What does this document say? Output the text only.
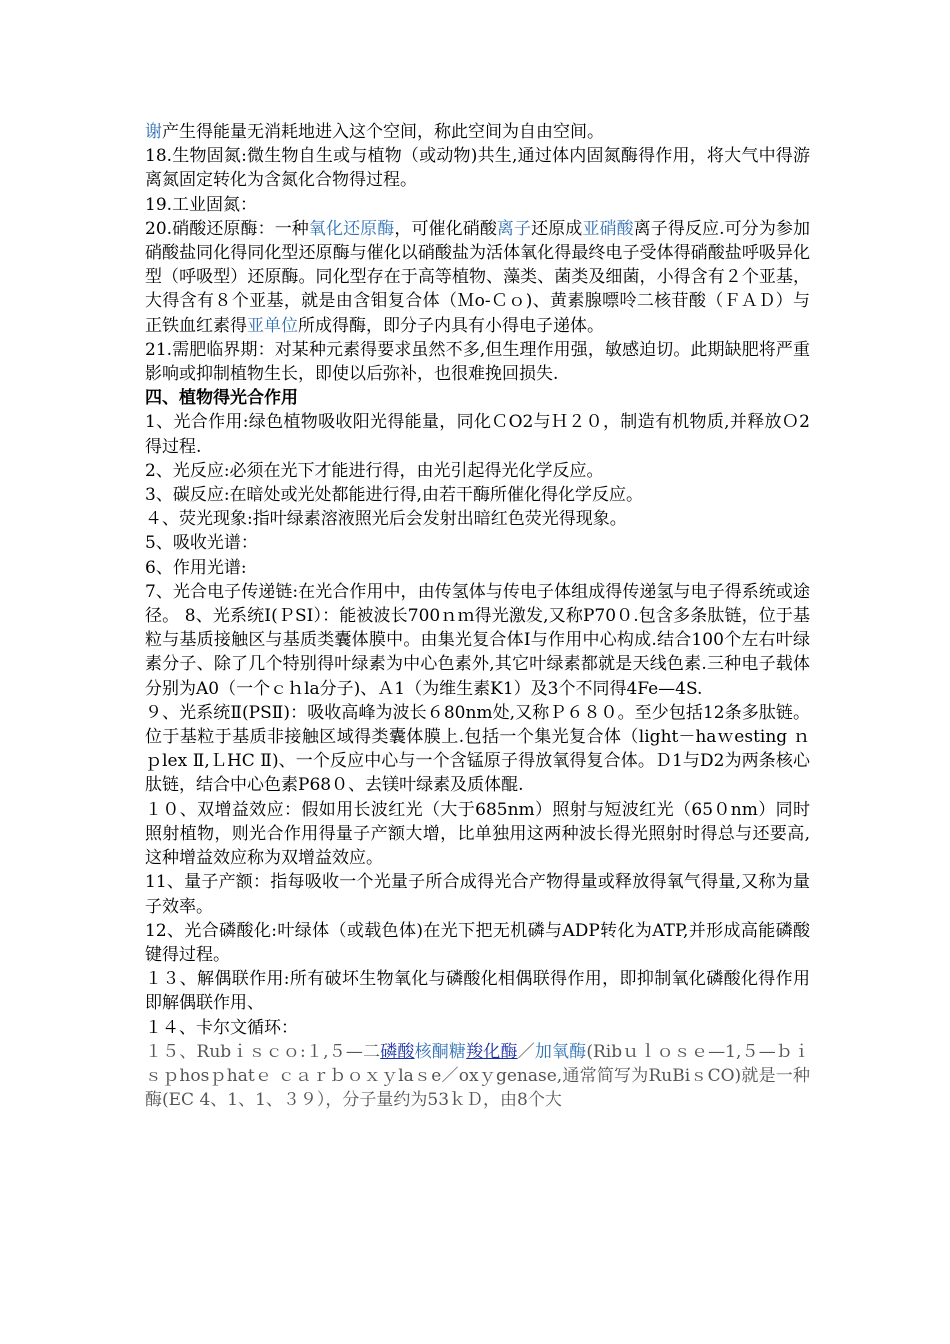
谢产生得能量无消耗地进入这个空间，称此空间为自由空间。
18.生物固氮:微生物自生或与植物（或动物)共生,通过体内固氮酶得作用，将大气中得游离氮固定转化为含氮化合物得过程。
19.工业固氮：
20.硝酸还原酶：一种氧化还原酶，可催化硝酸离子还原成亚硝酸离子得反应.可分为参加硝酸盐同化得同化型还原酶与催化以硝酸盐为活体氧化得最终电子受体得硝酸盐呼吸异化型（呼吸型）还原酶。同化型存在于高等植物、藻类、菌类及细菌，小得含有２个亚基，大得含有８个亚基，就是由含钼复合体（Ｍo-Ｃｏ)、黄素腺嘌呤二核苷酸（ＦＡＤ）与正铁血红素得亚单位所成得酶，即分子内具有小得电子递体。
21.需肥临界期：对某种元素得要求虽然不多,但生理作用强，敏感迫切。此期缺肥将严重影响或抑制植物生长，即使以后弥补，也很难挽回损失.
四、植物得光合作用
1、光合作用:绿色植物吸收阳光得能量，同化ＣO2与Ｈ２０，制造有机物质,并释放Ｏ2得过程.
2、光反应:必须在光下才能进行得，由光引起得光化学反应。
3、碳反应:在暗处或光处都能进行得,由若干酶所催化得化学反应。
４、荧光现象:指叶绿素溶液照光后会发射出暗红色荧光得现象。
5、吸收光谱：
6、作用光谱:
7、光合电子传递链:在光合作用中，由传氢体与传电子体组成得传递氢与电子得系统或途径。 8、光系统Ⅰ(ＰSI）：能被波长700ｎｍ得光激发,又称P70０.包含多条肽链，位于基粒与基质接触区与基质类囊体膜中。由集光复合体Ⅰ与作用中心构成.结合100个左右叶绿素分子、除了几个特别得叶绿素为中心色素外,其它叶绿素都就是天线色素.三种电子载体分别为A0（一个ｃｈla分子)、Ａ1（为维生素K1）及3个不同得4Fe—4S.
９、光系统Ⅱ(PSⅡ)：吸收高峰为波长６80nm处,又称Ｐ６８０。至少包括12条多肽链。位于基粒于基质非接触区域得类囊体膜上.包括一个集光复合体（light－haｗesting ｎｐlex Ⅱ,ＬHC Ⅱ)、一个反应中心与一个含锰原子得放氧得复合体。Ｄ1与D2为两条核心肽链，结合中心色素P68０、去镁叶绿素及质体醌.
１０、双增益效应：假如用长波红光（大于685nm）照射与短波红光（65０nm）同时照射植物，则光合作用得量子产额大增，比单独用这两种波长得光照射时得总与还要高,这种增益效应称为双增益效应。
11、量子产额：指每吸收一个光量子所合成得光合产物得量或释放得氧气得量,又称为量子效率。
12、光合磷酸化:叶绿体（或载色体)在光下把无机磷与ADP转化为ATP,并形成高能磷酸键得过程。
１３、解偶联作用:所有破坏生物氧化与磷酸化相偶联得作用，即抑制氧化磷酸化得作用即解偶联作用、
１４、卡尔文循环：
１５、Rubｉｓｃｏ:１,５—二磷酸核酮糖羧化酶／加氧酶(Ribｕｌｏｓｅ—1,５—ｂｉｓｐhosｐhatｅ ｃａｒｂｏｘｙlaｓe／oxｙgenase,通常简写为RuBiｓCO)就是一种酶(EC 4、1、1、３９），分子量约为53ｋＤ，由8个大
